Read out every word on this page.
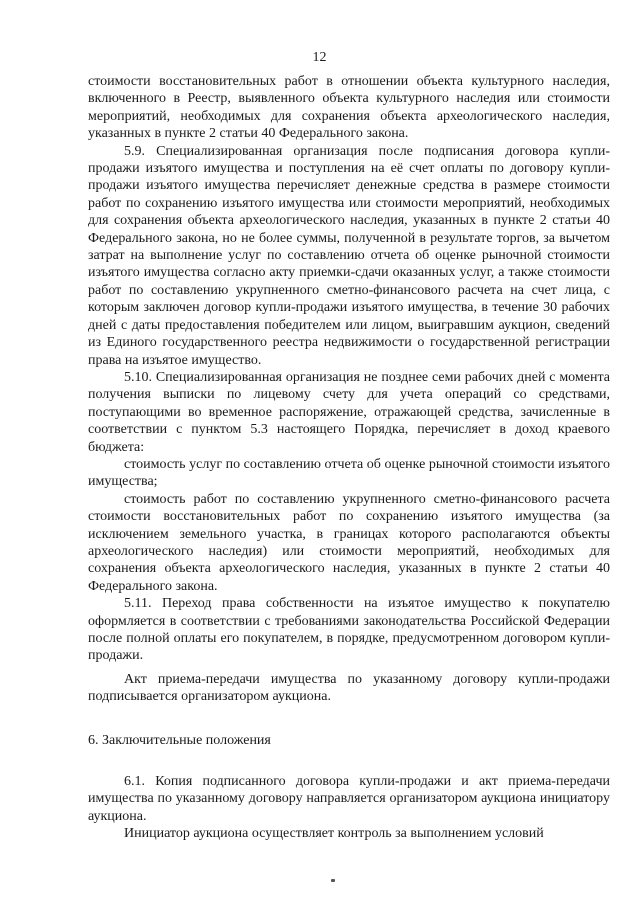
12

стоимости восстановительных работ в отношении объекта культурного наследия, включенного в Реестр, выявленного объекта культурного наследия или стоимости мероприятий, необходимых для сохранения объекта археологического наследия, указанных в пункте 2 статьи 40 Федерального закона.

5.9. Специализированная организация после подписания договора купли-продажи изъятого имущества и поступления на её счет оплаты по договору купли-продажи изъятого имущества перечисляет денежные средства в размере стоимости работ по сохранению изъятого имущества или стоимости мероприятий, необходимых для сохранения объекта археологического наследия, указанных в пункте 2 статьи 40 Федерального закона, но не более суммы, полученной в результате торгов, за вычетом затрат на выполнение услуг по составлению отчета об оценке рыночной стоимости изъятого имущества согласно акту приемки-сдачи оказанных услуг, а также стоимости работ по составлению укрупненного сметно-финансового расчета на счет лица, с которым заключен договор купли-продажи изъятого имущества, в течение 30 рабочих дней с даты предоставления победителем или лицом, выигравшим аукцион, сведений из Единого государственного реестра недвижимости о государственной регистрации права на изъятое имущество.

5.10. Специализированная организация не позднее семи рабочих дней с момента получения выписки по лицевому счету для учета операций со средствами, поступающими во временное распоряжение, отражающей средства, зачисленные в соответствии с пунктом 5.3 настоящего Порядка, перечисляет в доход краевого бюджета:

стоимость услуг по составлению отчета об оценке рыночной стоимости изъятого имущества;

стоимость работ по составлению укрупненного сметно-финансового расчета стоимости восстановительных работ по сохранению изъятого имущества (за исключением земельного участка, в границах которого располагаются объекты археологического наследия) или стоимости мероприятий, необходимых для сохранения объекта археологического наследия, указанных в пункте 2 статьи 40 Федерального закона.

5.11. Переход права собственности на изъятое имущество к покупателю оформляется в соответствии с требованиями законодательства Российской Федерации после полной оплаты его покупателем, в порядке, предусмотренном договором купли-продажи.

Акт приема-передачи имущества по указанному договору купли-продажи подписывается организатором аукциона.

6. Заключительные положения

6.1. Копия подписанного договора купли-продажи и акт приема-передачи имущества по указанному договору направляется организатором аукциона инициатору аукциона.

Инициатор аукциона осуществляет контроль за выполнением условий
